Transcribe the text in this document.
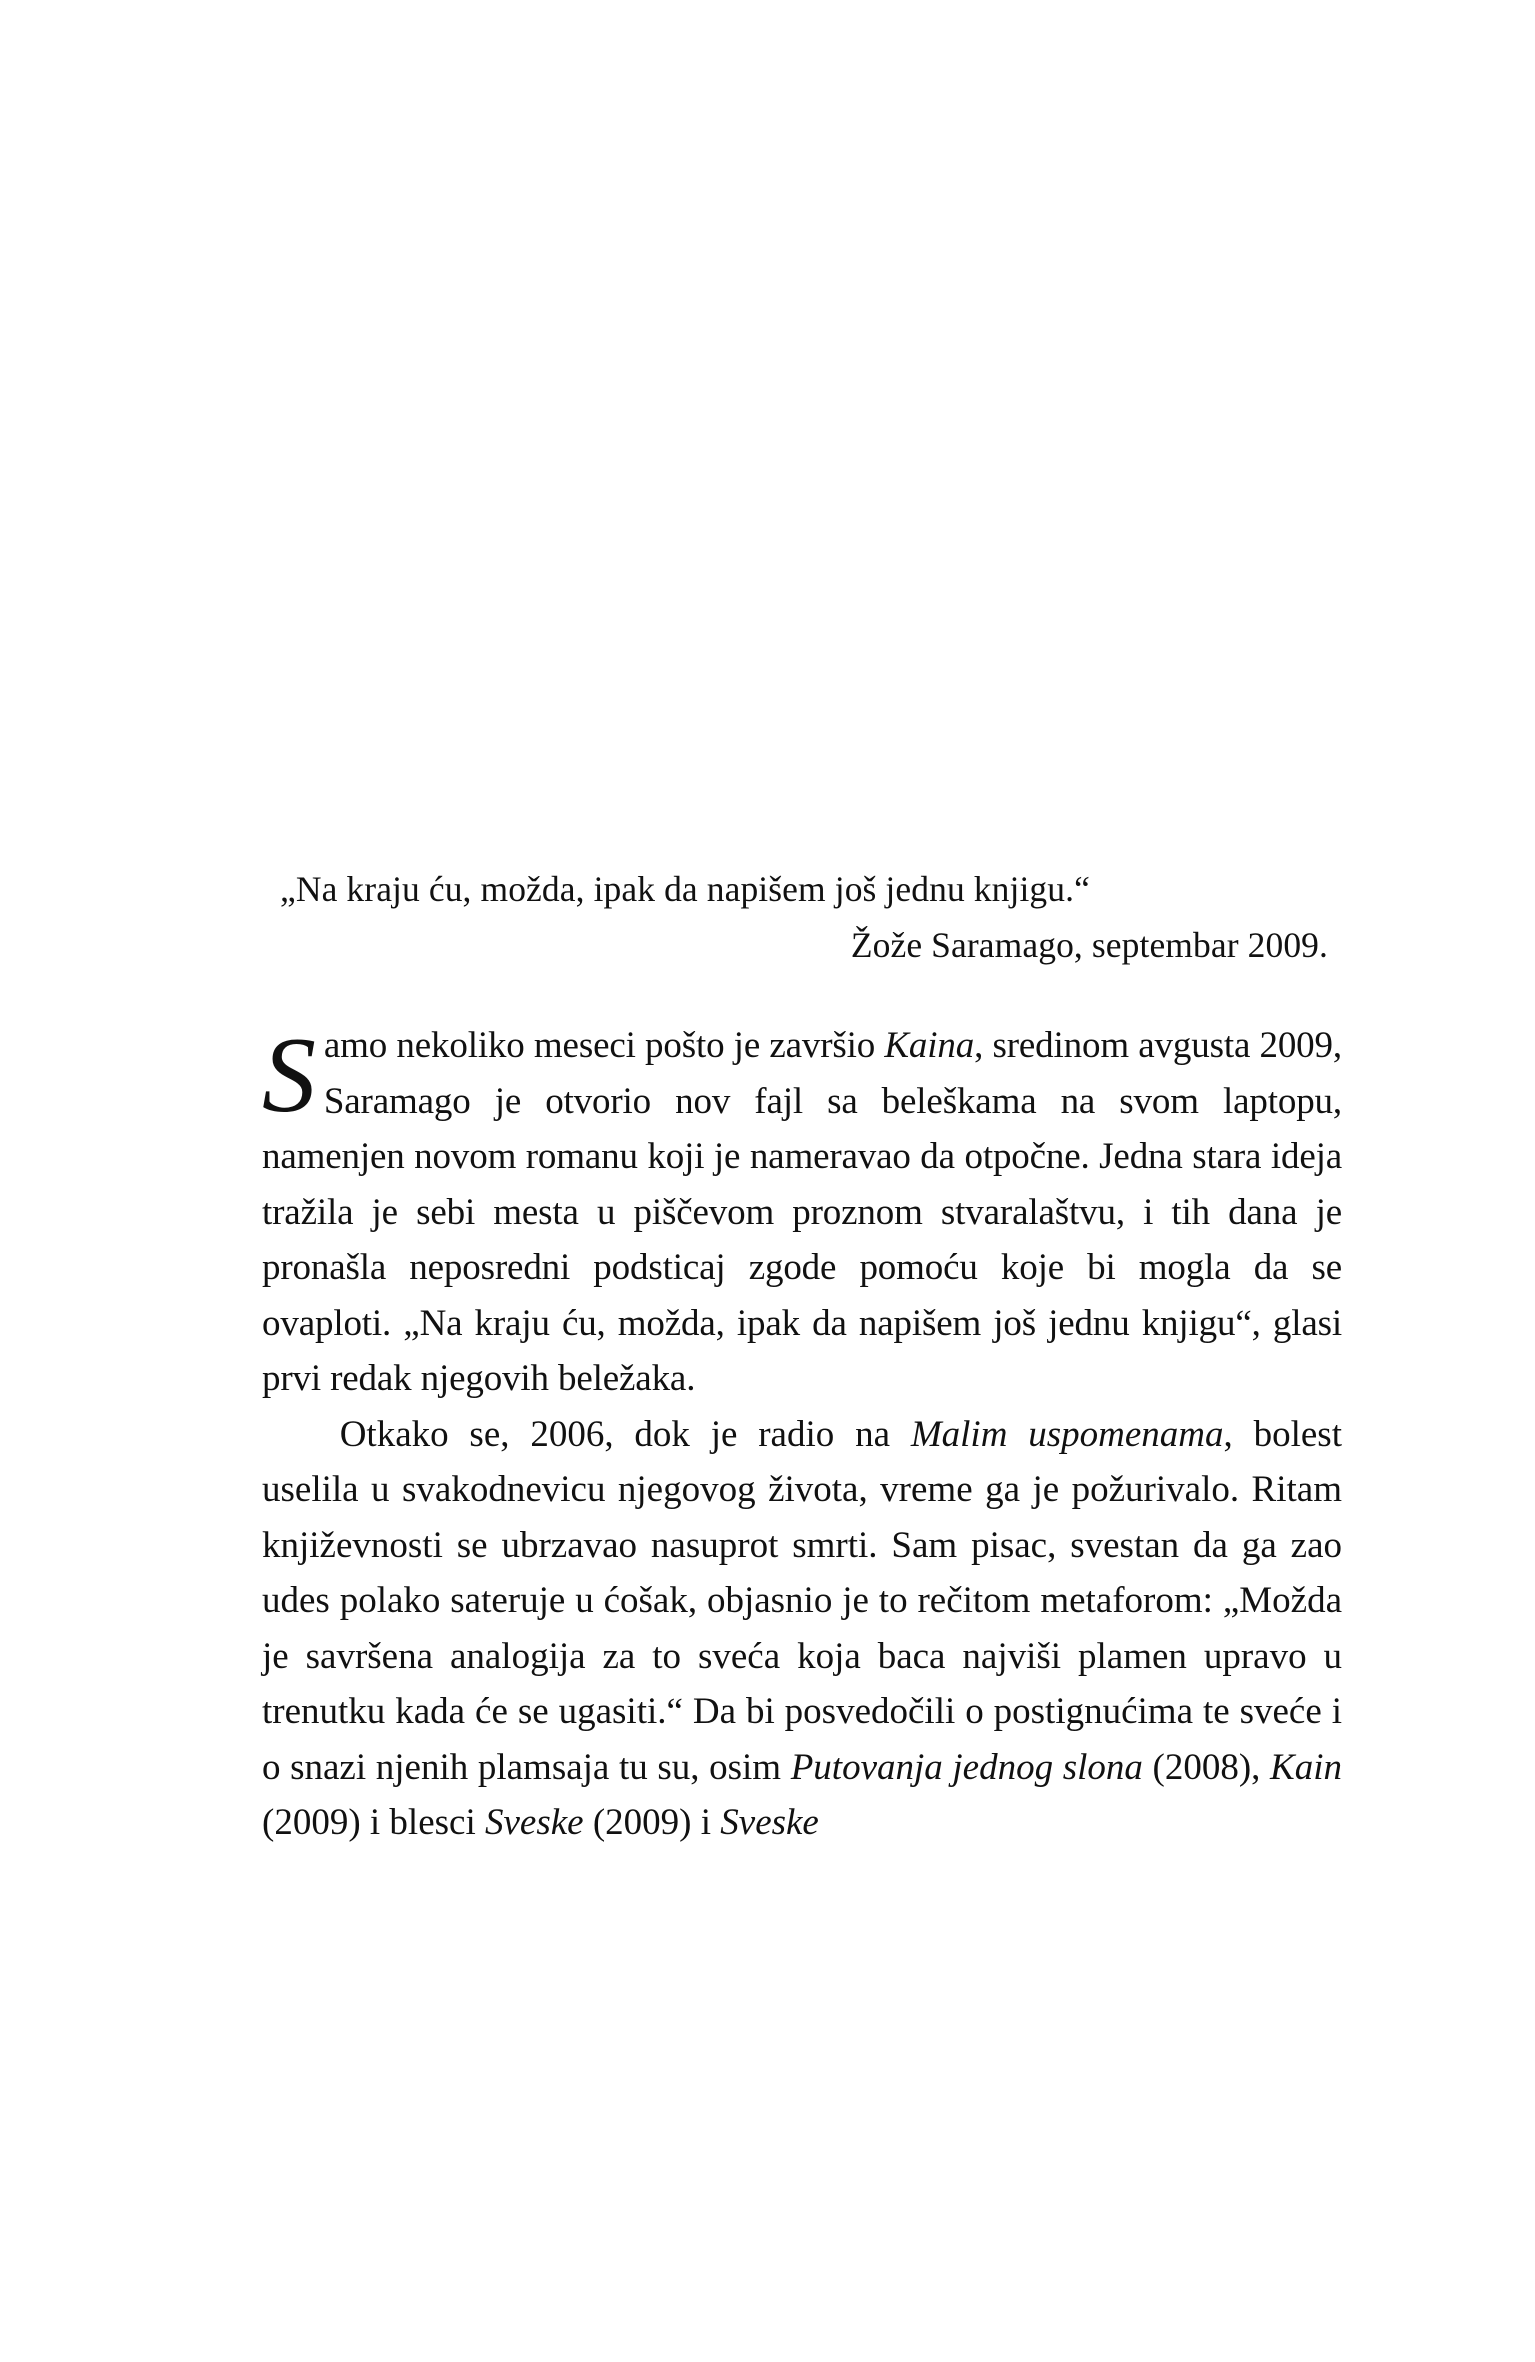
„Na kraju ću, možda, ipak da napišem još jednu knjigu.“
Žože Saramago, septembar 2009.

Samo nekoliko meseci pošto je završio Kaina, sredinom avgusta 2009, Saramago je otvorio nov fajl sa beleškama na svom laptopu, namenjen novom romanu koji je nameravao da otpočne. Jedna stara ideja tražila je sebi mesta u piščevom proznom stvaralaštvu, i tih dana je pronašla neposredni podsticaj zgode pomoću koje bi mogla da se ovaploti. „Na kraju ću, možda, ipak da napišem još jednu knjigu“, glasi prvi redak njegovih beležaka.

Otkako se, 2006, dok je radio na Malim uspomenama, bolest uselila u svakodnevicu njegovog života, vreme ga je požurivalo. Ritam književnosti se ubrzavao nasuprot smrti. Sam pisac, svestan da ga zao udes polako sateruje u ćošak, objasnio je to rečitom metaforom: „Možda je savršena analogija za to sveća koja baca najviši plamen upravo u trenutku kada će se ugasiti.“ Da bi posvedočili o postignućima te sveće i o snazi njenih plamsaja tu su, osim Putovanja jednog slona (2008), Kain (2009) i blesci Sveske (2009) i Sveske
